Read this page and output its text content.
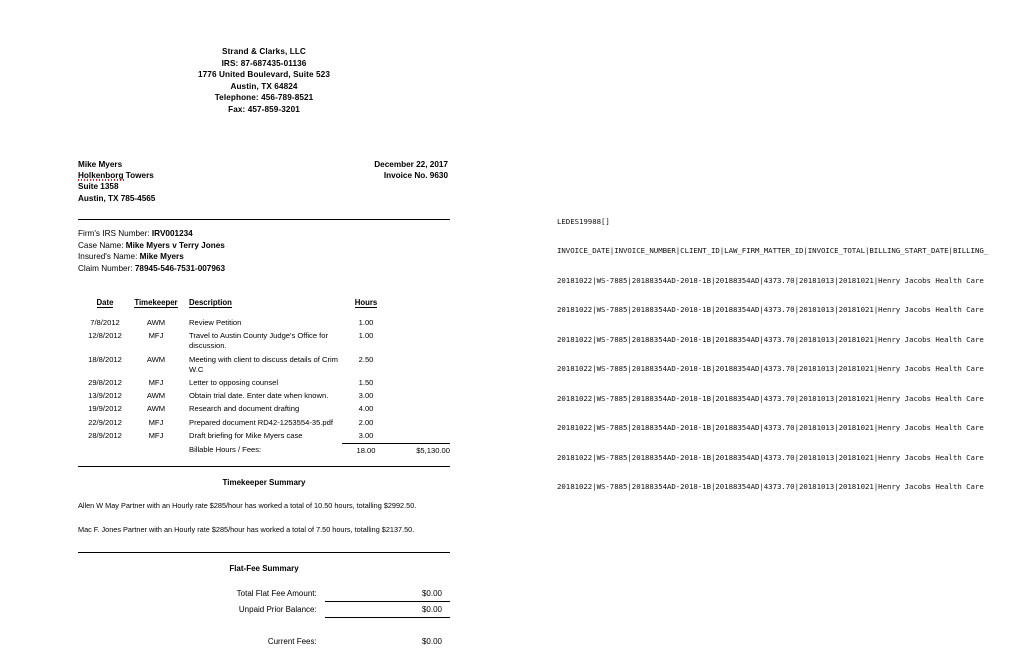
Strand & Clarks, LLC
IRS: 87-687435-01136
1776 United Boulevard, Suite 523
Austin, TX 64824
Telephone: 456-789-8521
Fax: 457-859-3201
Mike Myers
Holkenborg Towers
Suite 1358
Austin, TX 785-4565
December 22, 2017
Invoice No. 9630
Firm's IRS Number: IRV001234
Case Name: Mike Myers v Terry Jones
Insured's Name: Mike Myers
Claim Number: 78945-546-7531-007963
Date	Timekeeper	Description	Hours	
7/8/2012	AWM	Review Petition	1.00	
12/8/2012	MFJ	Travel to Austin County Judge's Office for discussion.	1.00	
18/8/2012	AWM	Meeting with client to discuss details of Crim W.C	2.50	
29/8/2012	MFJ	Letter to opposing counsel	1.50	
13/9/2012	AWM	Obtain trial date. Enter date when known.	3.00	
19/9/2012	AWM	Research and document drafting	4.00	
22/9/2012	MFJ	Prepared document RD42-1253554-35.pdf	2.00	
28/9/2012	MFJ	Draft briefing for Mike Myers case	3.00	
		Billable Hours / Fees:	18.00	$5,130.00
Timekeeper Summary
Allen W May Partner with an Hourly rate $285/hour has worked a total of 10.50 hours, totalling $2992.50.
Mac F. Jones Partner with an Hourly rate $285/hour has worked a total of 7.50 hours, totalling $2137.50.
Flat-Fee Summary
Total Flat Fee Amount:	$0.00
Unpaid Prior Balance:	$0.00

Current Fees:	$0.00

LEDES19988[]

INVOICE_DATE|INVOICE_NUMBER|CLIENT_ID|LAW_FIRM_MATTER_ID|INVOICE_TOTAL|BILLING_START_DATE|BILLING_

20181022|WS-7885|20188354AD-2018-1B|20188354AD|4373.70|20181013|20181021|Henry Jacobs Health Care

20181022|WS-7885|20188354AD-2018-1B|20188354AD|4373.70|20181013|20181021|Henry Jacobs Health Care

20181022|WS-7885|20188354AD-2018-1B|20188354AD|4373.70|20181013|20181021|Henry Jacobs Health Care

20181022|WS-7885|20188354AD-2018-1B|20188354AD|4373.70|20181013|20181021|Henry Jacobs Health Care

20181022|WS-7885|20188354AD-2018-1B|20188354AD|4373.70|20181013|20181021|Henry Jacobs Health Care

20181022|WS-7885|20188354AD-2018-1B|20188354AD|4373.70|20181013|20181021|Henry Jacobs Health Care

20181022|WS-7885|20188354AD-2018-1B|20188354AD|4373.70|20181013|20181021|Henry Jacobs Health Care

20181022|WS-7885|20188354AD-2018-1B|20188354AD|4373.70|20181013|20181021|Henry Jacobs Health Care
